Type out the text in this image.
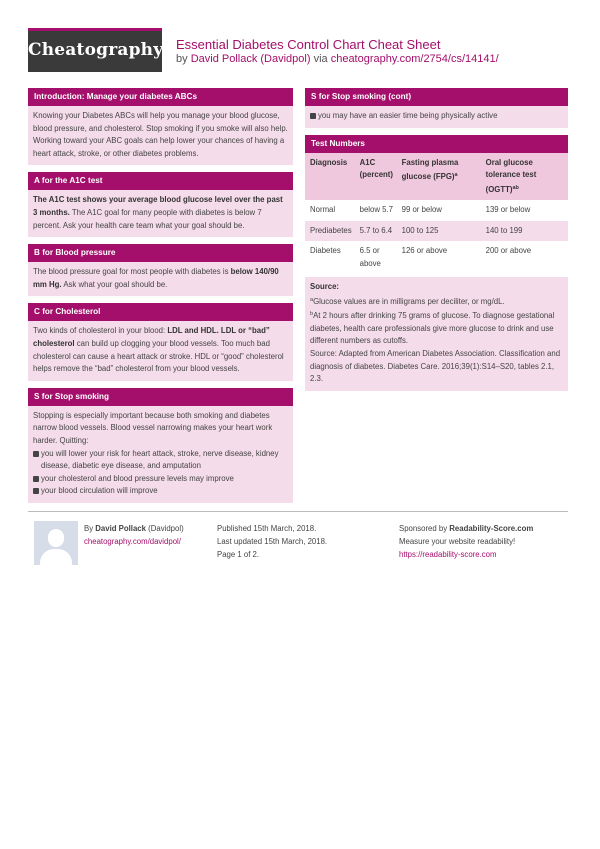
Cheatography Essential Diabetes Control Chart Cheat Sheet
by David Pollack (Davidpol) via cheatography.com/2754/cs/14141/
Introduction: Manage your diabetes ABCs
Knowing your Diabetes ABCs will help you manage your blood glucose, blood pressure, and cholesterol. Stop smoking if you smoke will also help. Working toward your ABC goals can help lower your chances of having a heart attack, stroke, or other diabetes problems.
A for the A1C test
The A1C test shows your average blood glucose level over the past 3 months. The A1C goal for many people with diabetes is below 7 percent. Ask your health care team what your goal should be.
B for Blood pressure
The blood pressure goal for most people with diabetes is below 140/90 mm Hg. Ask what your goal should be.
C for Cholesterol
Two kinds of cholesterol in your blood: LDL and HDL. LDL or “bad” cholesterol can build up clogging your blood vessels. Too much bad cholesterol can cause a heart attack or stroke. HDL or “good” cholesterol helps remove the “bad” cholesterol from your blood vessels.
S for Stop smoking
Stopping is especially important because both smoking and diabetes narrow blood vessels. Blood vessel narrowing makes your heart work harder. Quitting:
you will lower your risk for heart attack, stroke, nerve disease, kidney disease, diabetic eye disease, and amputation
your cholesterol and blood pressure levels may improve
your blood circulation will improve
S for Stop smoking (cont)
you may have an easier time being physically active
Test Numbers
Diagnosis	A1C (percent)	Fasting plasma glucose (FPG)$^a$	Oral glucose tolerance test (OGTT)$^{ab}$
Normal	below 5.7	99 or below	139 or below
Prediabetes	5.7 to 6.4	100 to 125	140 to 199
Diabetes	6.5 or above	126 or above	200 or above
Source:
$^a$Glucose values are in milligrams per deciliter, or mg/dL.
$^b$At 2 hours after drinking 75 grams of glucose. To diagnose gestational diabetes, health care professionals give more glucose to drink and use different numbers as cutoffs.
Source: Adapted from American Diabetes Association. Classification and diagnosis of diabetes. Diabetes Care. 2016;39(1):S14–S20, tables 2.1, 2.3.
By David Pollack (Davidpol)
cheatography.com/davidpol/
Published 15th March, 2018.
Last updated 15th March, 2018.
Page 1 of 2.
Sponsored by Readability-Score.com
Measure your website readability!
https://readability-score.com
